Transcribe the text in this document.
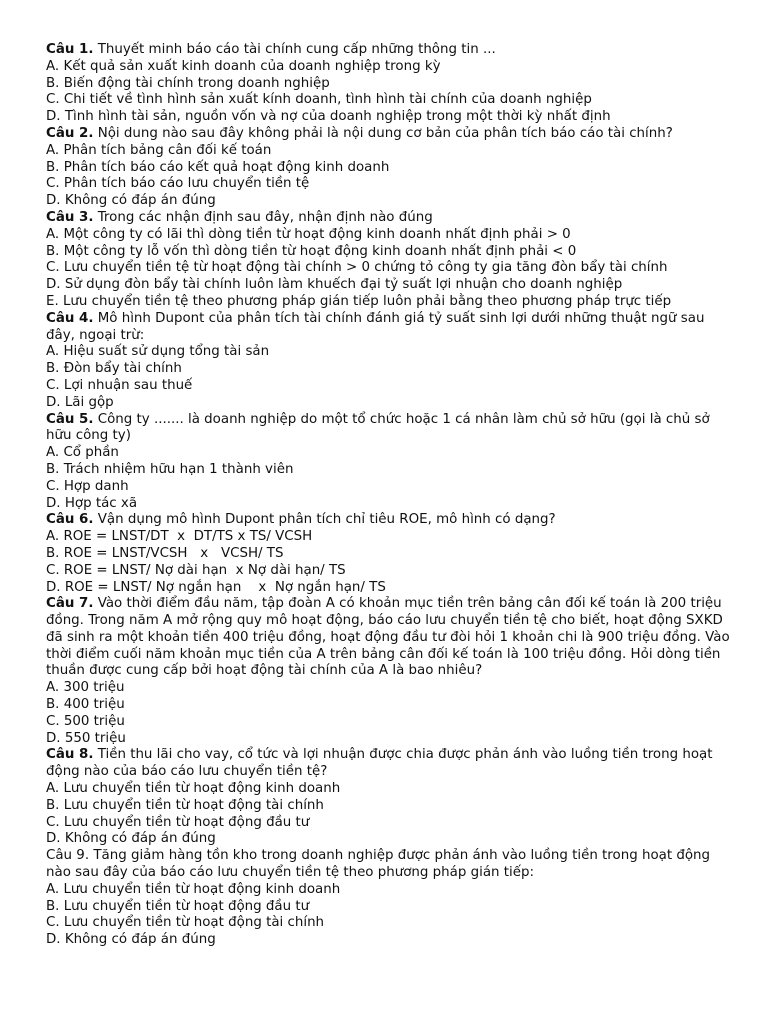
Câu 1. Thuyết minh báo cáo tài chính cung cấp những thông tin ...
A. Kết quả sản xuất kinh doanh của doanh nghiệp trong kỳ
B. Biến động tài chính trong doanh nghiệp
C. Chi tiết về tình hình sản xuất kính doanh, tình hình tài chính của doanh nghiệp
D. Tình hình tài sản, nguồn vốn và nợ của doanh nghiệp trong một thời kỳ nhất định
Câu 2. Nội dung nào sau đây không phải là nội dung cơ bản của phân tích báo cáo tài chính?
A. Phân tích bảng cân đối kế toán
B. Phân tích báo cáo kết quả hoạt động kinh doanh
C. Phân tích báo cáo lưu chuyển tiền tệ
D. Không có đáp án đúng
Câu 3. Trong các nhận định sau đây, nhận định nào đúng
A. Một công ty có lãi thì dòng tiền từ hoạt động kinh doanh nhất định phải > 0
B. Một công ty lỗ vốn thì dòng tiền từ hoạt động kinh doanh nhất định phải < 0
C. Lưu chuyển tiền tệ từ hoạt động tài chính > 0 chứng tỏ công ty gia tăng đòn bẩy tài chính
D. Sử dụng đòn bẩy tài chính luôn làm khuếch đại tỷ suất lợi nhuận cho doanh nghiệp
E. Lưu chuyển tiền tệ theo phương pháp gián tiếp luôn phải bằng theo phương pháp trực tiếp
Câu 4. Mô hình Dupont của phân tích tài chính đánh giá tỷ suất sinh lợi dưới những thuật ngữ sau đây, ngoại trừ:
A. Hiệu suất sử dụng tổng tài sản
B. Đòn bẩy tài chính
C. Lợi nhuận sau thuế
D. Lãi gộp
Câu 5. Công ty ....... là doanh nghiệp do một tổ chức hoặc 1 cá nhân làm chủ sở hữu (gọi là chủ sở hữu công ty)
A. Cổ phần
B. Trách nhiệm hữu hạn 1 thành viên
C. Hợp danh
D. Hợp tác xã
Câu 6. Vận dụng mô hình Dupont phân tích chỉ tiêu ROE, mô hình có dạng?
A. ROE = LNST/DT  x  DT/TS x TS/ VCSH
B. ROE = LNST/VCSH   x   VCSH/ TS
C. ROE = LNST/ Nợ dài hạn  x Nợ dài hạn/ TS
D. ROE = LNST/ Nợ ngắn hạn    x  Nợ ngắn hạn/ TS
Câu 7. Vào thời điểm đầu năm, tập đoàn A có khoản mục tiền trên bảng cân đối kế toán là 200 triệu đồng. Trong năm A mở rộng quy mô hoạt động, báo cáo lưu chuyển tiền tệ cho biết, hoạt động SXKD đã sinh ra một khoản tiền 400 triệu đồng, hoạt động đầu tư đòi hỏi 1 khoản chi là 900 triệu đồng. Vào thời điểm cuối năm khoản mục tiền của A trên bảng cân đối kế toán là 100 triệu đồng. Hỏi dòng tiền thuần được cung cấp bởi hoạt động tài chính của A là bao nhiêu?
A. 300 triệu
B. 400 triệu
C. 500 triệu
D. 550 triệu
Câu 8. Tiền thu lãi cho vay, cổ tức và lợi nhuận được chia được phản ánh vào luồng tiền trong hoạt động nào của báo cáo lưu chuyển tiền tệ?
A. Lưu chuyển tiền từ hoạt động kinh doanh
B. Lưu chuyển tiền từ hoạt động tài chính
C. Lưu chuyển tiền từ hoạt động đầu tư
D. Không có đáp án đúng
Câu 9. Tăng giảm hàng tồn kho trong doanh nghiệp được phản ánh vào luồng tiền trong hoạt động nào sau đây của báo cáo lưu chuyển tiền tệ theo phương pháp gián tiếp:
A. Lưu chuyển tiền từ hoạt động kinh doanh
B. Lưu chuyển tiền từ hoạt động đầu tư
C. Lưu chuyển tiền từ hoạt động tài chính
D. Không có đáp án đúng
